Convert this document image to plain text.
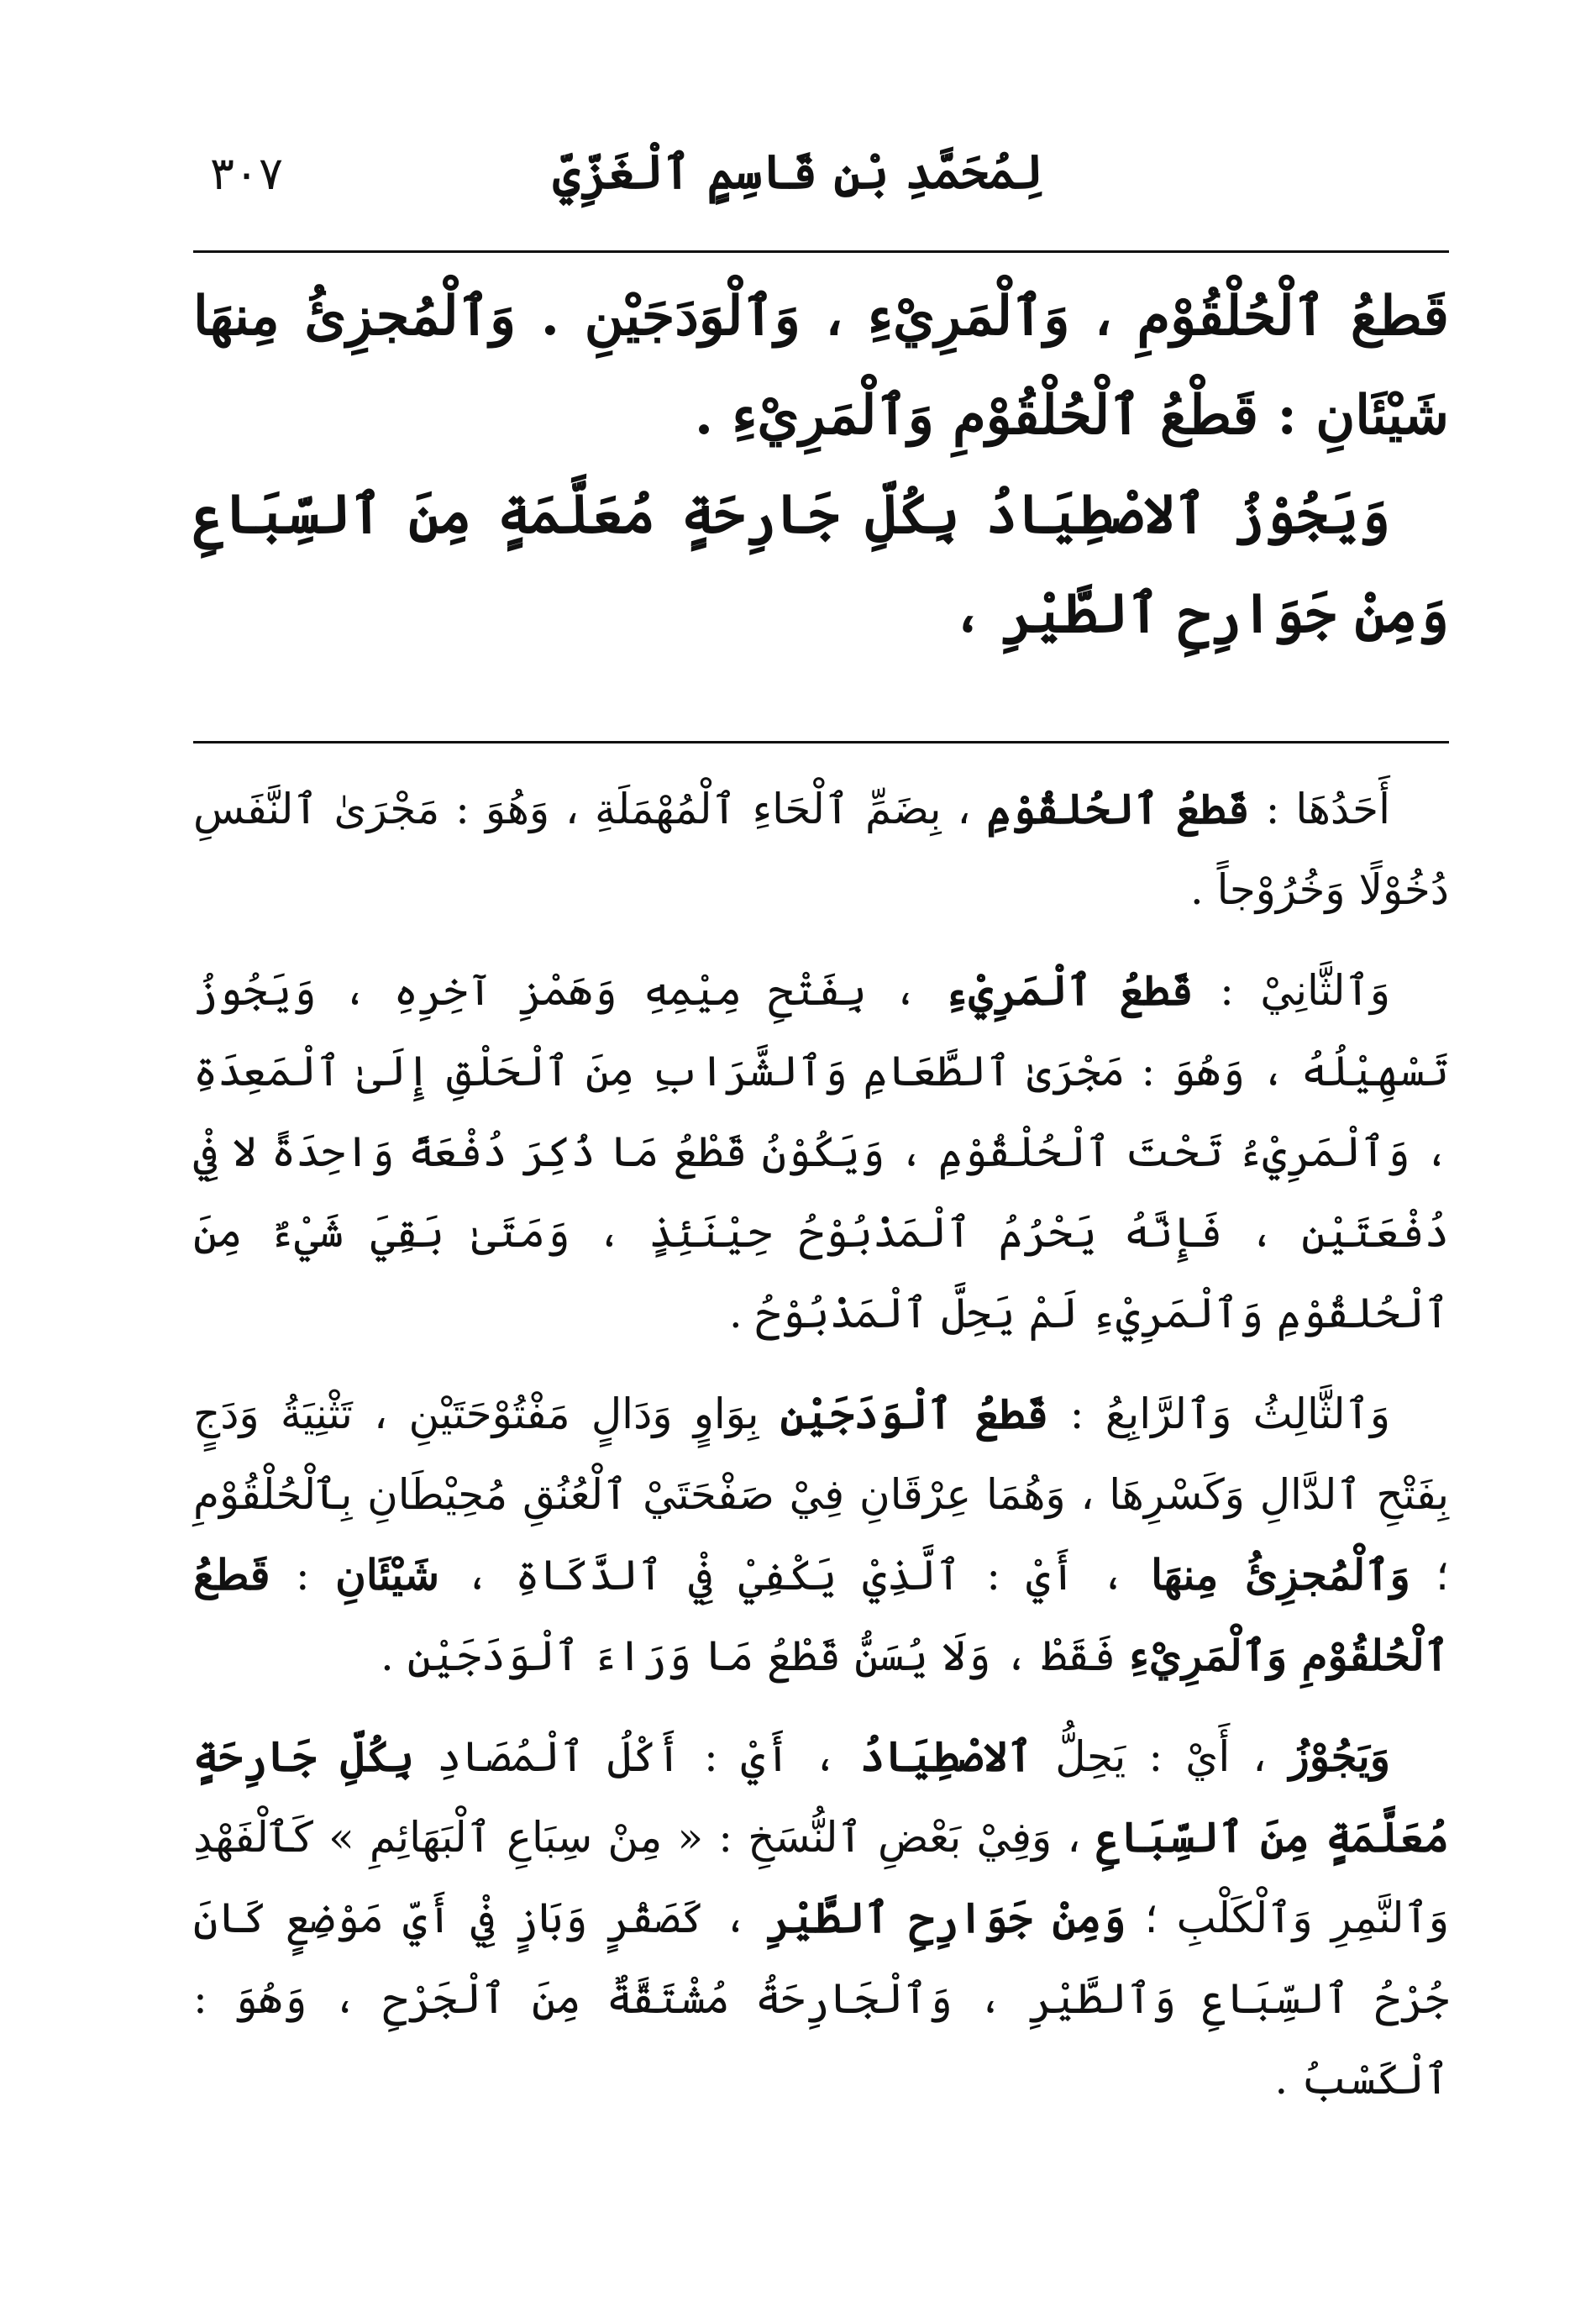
لِمُحَمَّدِ بْنِ قَاسِمٍ ٱلْغَزِّيِّ
٣٠٧

قَطعُ ٱلْحُلْقُوْمِ ، وَٱلْمَرِيْءِ ، وَٱلْوَدَجَيْنِ . وَٱلْمُجزِئُ مِنهَا شَيْئَانِ : قَطْعُ ٱلْحُلْقُوْمِ وَٱلْمَرِيْءِ .

وَيَجُوْزُ ٱلاصْطِيَادُ بِكُلِّ جَارِحَةٍ مُعَلَّمَةٍ مِنَ ٱلسِّبَاعِ وَمِنْ جَوَارِحِ ٱلطَّيْرِ ،

أَحَدُهَا : قَطعُ ٱلحُلقُوْمِ ، بِضَمِّ ٱلْحَاءِ ٱلْمُهْمَلَةِ ، وَهُوَ : مَجْرَىٰ ٱلنَّفَسِ دُخُوْلًا وَخُرُوْجاً .

وَٱلثَّانِيْ : قَطعُ ٱلْمَرِيْءِ ، بِفَتْحِ مِيْمِهِ وَهَمْزِ آخِرِهِ ، وَيَجُوزُ تَسْهِيْلُهُ ، وَهُوَ : مَجْرَىٰ ٱلطَّعَامِ وَٱلشَّرَابِ مِنَ ٱلْحَلْقِ إِلَىٰ ٱلْمَعِدَةِ ، وَٱلْمَرِيْءُ تَحْتَ ٱلْحُلْقُوْمِ ، وَيَكُوْنُ قَطْعُ مَا ذُكِرَ دُفْعَةً وَاحِدَةً لا فِيْ دُفْعَتَيْنِ ، فَإِنَّهُ يَحْرُمُ ٱلْمَذْبُوْحُ حِيْنَئِذٍ ، وَمَتَىٰ بَقِيَ شَيْءٌ مِنَ ٱلْحُلقُوْمِ وَٱلْمَرِيْءِ لَمْ يَحِلَّ ٱلْمَذْبُوْحُ .

وَٱلثَّالِثُ وَٱلرَّابِعُ : قَطعُ ٱلْوَدَجَيْنِ بِوَاوٍ وَدَالٍ مَفْتُوْحَتَيْنِ ، تَثْنِيَةُ وَدَجٍ بِفَتْحِ ٱلدَّالِ وَكَسْرِهَا ، وَهُمَا عِرْقَانِ فِيْ صَفْحَتَيْ ٱلْعُنُقِ مُحِيْطَانِ بِٱلْحُلْقُوْمِ ؛ وَٱلْمُجزِئُ مِنهَا ، أَيْ : ٱلَّذِيْ يَكْفِيْ فِيْ ٱلذَّكَاةِ ، شَيْئَانِ : قَطعُ ٱلْحُلقُوْمِ وَٱلْمَرِيْءِ فَقَطْ ، وَلَا يُسَنُّ قَطْعُ مَا وَرَاءَ ٱلْوَدَجَيْنِ .

وَيَجُوْزُ ، أَيْ : يَحِلُّ ٱلاصْطِيَادُ ، أَيْ : أَكْلُ ٱلْمُصَادِ بِكُلِّ جَارِحَةٍ مُعَلَّمَةٍ مِنَ ٱلسِّبَاعِ ، وَفِيْ بَعْضِ ٱلنُّسَخِ : « مِنْ سِبَاعِ ٱلْبَهَائِمِ » كَٱلْفَهْدِ وَٱلنَّمِرِ وَٱلْكَلْبِ ؛ وَمِنْ جَوَارِحِ ٱلطَّيْرِ ، كَصَقْرٍ وَبَازٍ فِيْ أَيِّ مَوْضِعٍ كَانَ جُرْحُ ٱلسِّبَاعِ وَٱلطَّيْرِ ، وَٱلْجَارِحَةُ مُشْتَقَّةٌ مِنَ ٱلْجَرْحِ ، وَهُوَ : ٱلْكَسْبُ .
